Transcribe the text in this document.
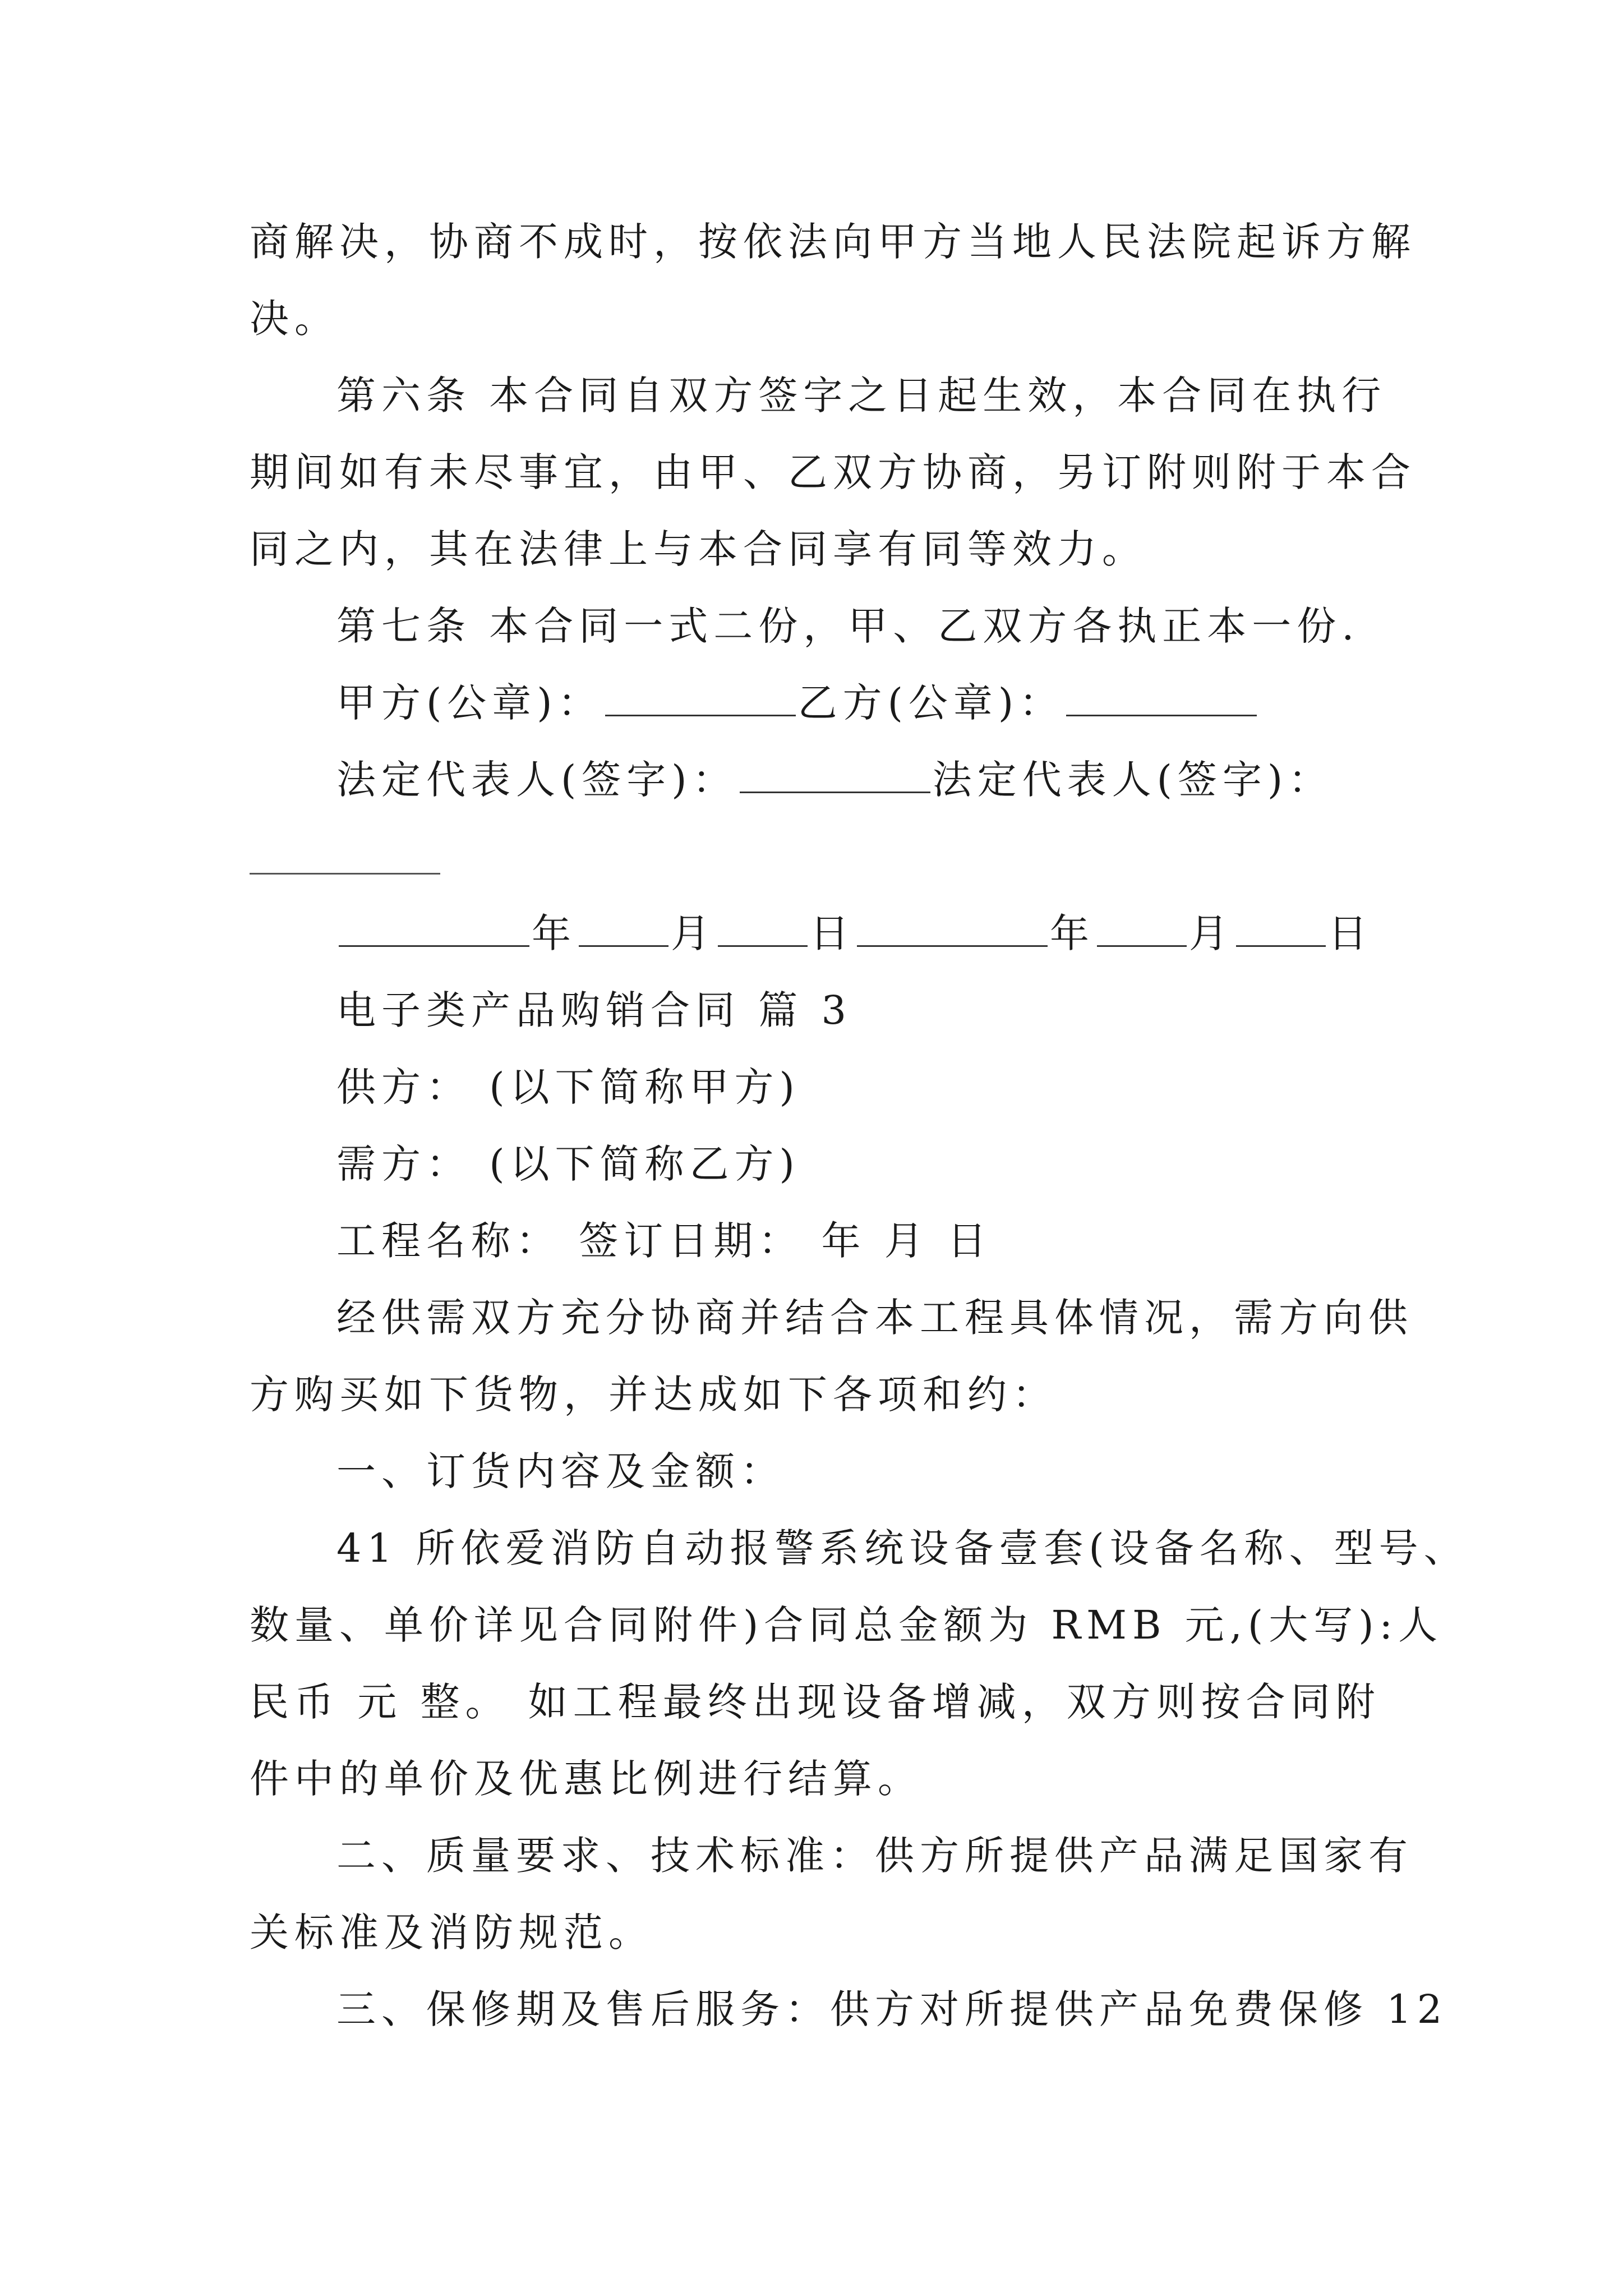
商解决，协商不成时，按依法向甲方当地人民法院起诉方解
决。
第六条 本合同自双方签字之日起生效，本合同在执行
期间如有未尽事宜，由甲、乙双方协商，另订附则附于本合
同之内，其在法律上与本合同享有同等效力。
第七条 本合同一式二份，甲、乙双方各执正本一份.
甲方(公章)：	乙方(公章)：
法定代表人(签字)：	法定代表人(签字)：
年 月 日	年 月 日
电子类产品购销合同 篇 3
供方： (以下简称甲方)
需方： (以下简称乙方)
工程名称： 签订日期： 年 月 日
经供需双方充分协商并结合本工程具体情况，需方向供
方购买如下货物，并达成如下各项和约：
一、订货内容及金额：
41 所依爱消防自动报警系统设备壹套(设备名称、型号、
数量、单价详见合同附件)合同总金额为 RMB 元,(大写):人
民币 元 整。 如工程最终出现设备增减，双方则按合同附
件中的单价及优惠比例进行结算。
二、质量要求、技术标准：供方所提供产品满足国家有
关标准及消防规范。
三、保修期及售后服务：供方对所提供产品免费保修 12
